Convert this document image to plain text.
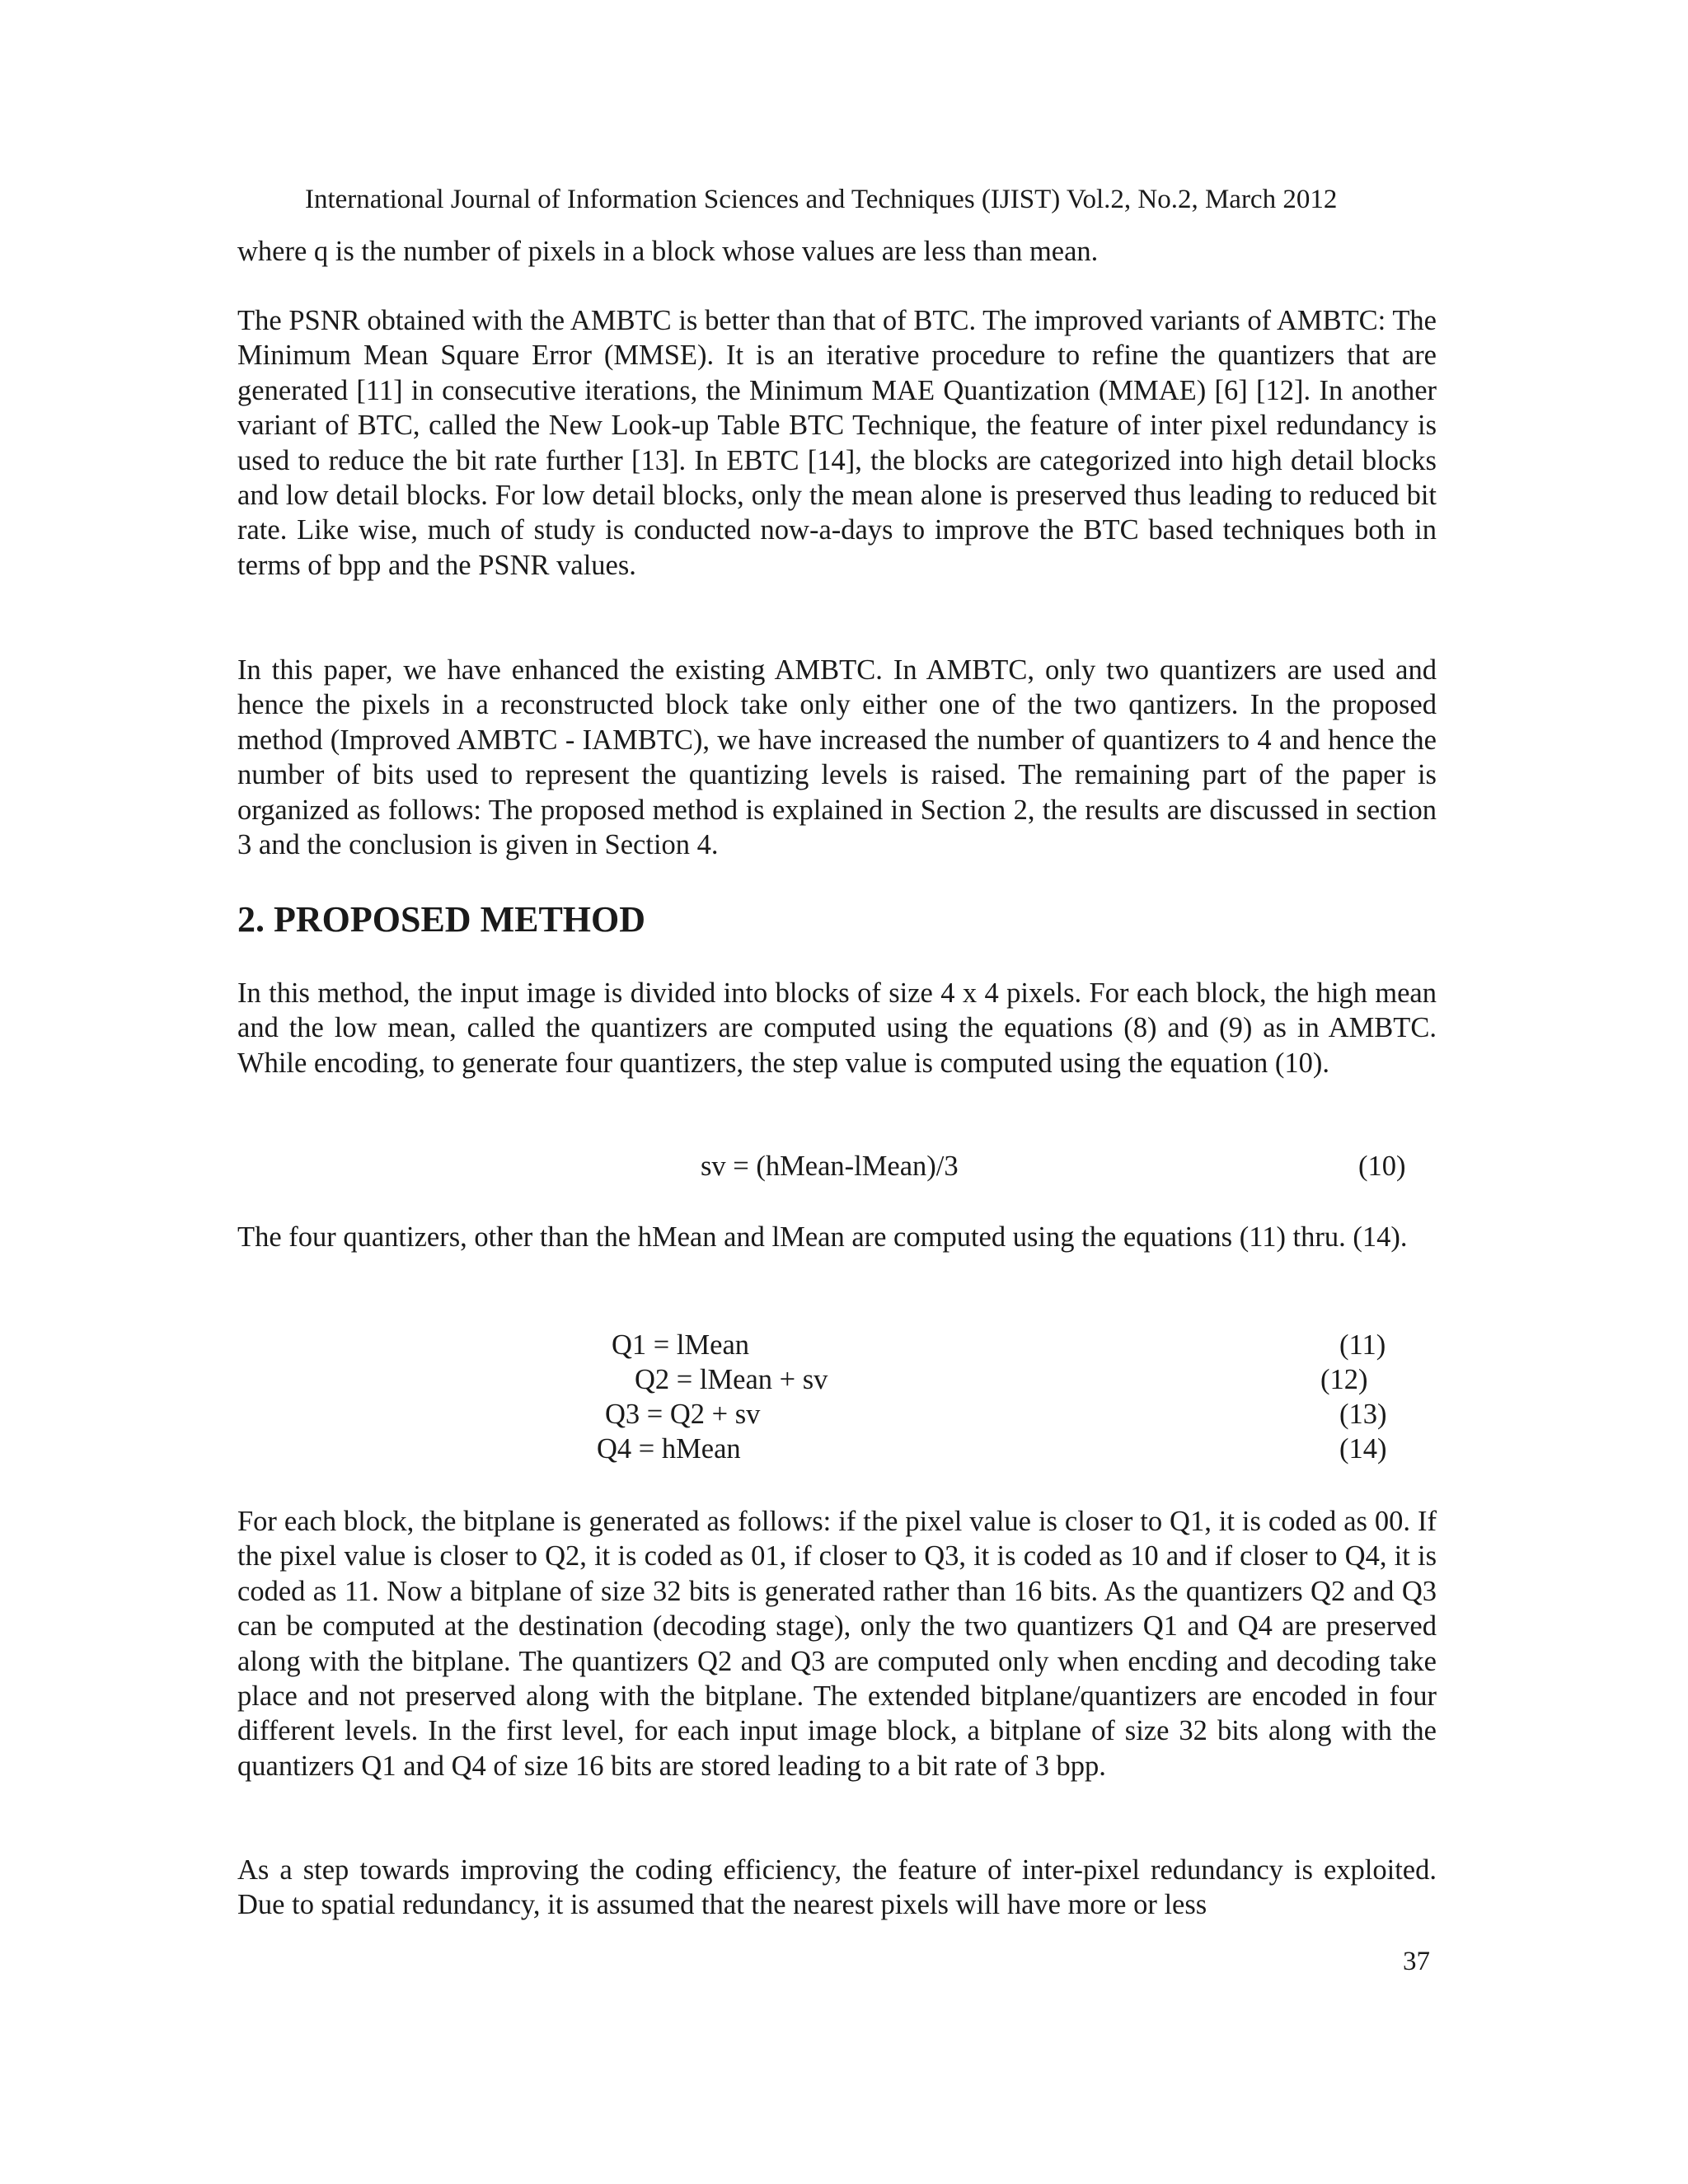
International Journal of Information Sciences and Techniques (IJIST) Vol.2, No.2, March 2012

where q is the number of pixels in a block whose values are less than mean.

The PSNR obtained with the AMBTC is better than that of BTC. The improved variants of AMBTC: The Minimum Mean Square Error (MMSE). It is an iterative procedure to refine the quantizers that are generated [11] in consecutive iterations, the Minimum MAE Quantization (MMAE) [6] [12]. In another variant of BTC, called the New Look-up Table BTC Technique, the feature of inter pixel redundancy is used to reduce the bit rate further [13]. In EBTC [14], the blocks are categorized into high detail blocks and low detail blocks. For low detail blocks, only the mean alone is preserved thus leading to reduced bit rate. Like wise, much of study is conducted now-a-days to improve the BTC based techniques both in terms of bpp and the PSNR values.

In this paper, we have enhanced the existing AMBTC. In AMBTC, only two quantizers are used and hence the pixels in a reconstructed block take only either one of the two qantizers. In the proposed method (Improved AMBTC - IAMBTC), we have increased the number of quantizers to 4 and hence the number of bits used to represent the quantizing levels is raised. The remaining part of the paper is organized as follows: The proposed method is explained in Section 2, the results are discussed in section 3 and the conclusion is given in Section 4.

2. PROPOSED METHOD

In this method, the input image is divided into blocks of size 4 x 4 pixels. For each block, the high mean and the low mean, called the quantizers are computed using the equations (8) and (9) as in AMBTC. While encoding, to generate four quantizers, the step value is computed using the equation (10).

sv = (hMean-lMean)/3	(10)

The four quantizers, other than the hMean and lMean are computed using the equations (11) thru. (14).

Q1 = lMean	(11)
Q2 = lMean + sv	(12)
Q3 = Q2 + sv	(13)
Q4 = hMean	(14)

For each block, the bitplane is generated as follows: if the pixel value is closer to Q1, it is coded as 00. If the pixel value is closer to Q2, it is coded as 01, if closer to Q3, it is coded as 10 and if closer to Q4, it is coded as 11. Now a bitplane of size 32 bits is generated rather than 16 bits. As the quantizers Q2 and Q3 can be computed at the destination (decoding stage), only the two quantizers Q1 and Q4 are preserved along with the bitplane. The quantizers Q2 and Q3 are computed only when encding and decoding take place and not preserved along with the bitplane. The extended bitplane/quantizers are encoded in four different levels. In the first level, for each input image block, a bitplane of size 32 bits along with the quantizers Q1 and Q4 of size 16 bits are stored leading to a bit rate of 3 bpp.

As a step towards improving the coding efficiency, the feature of inter-pixel redundancy is exploited. Due to spatial redundancy, it is assumed that the nearest pixels will have more or less

37
